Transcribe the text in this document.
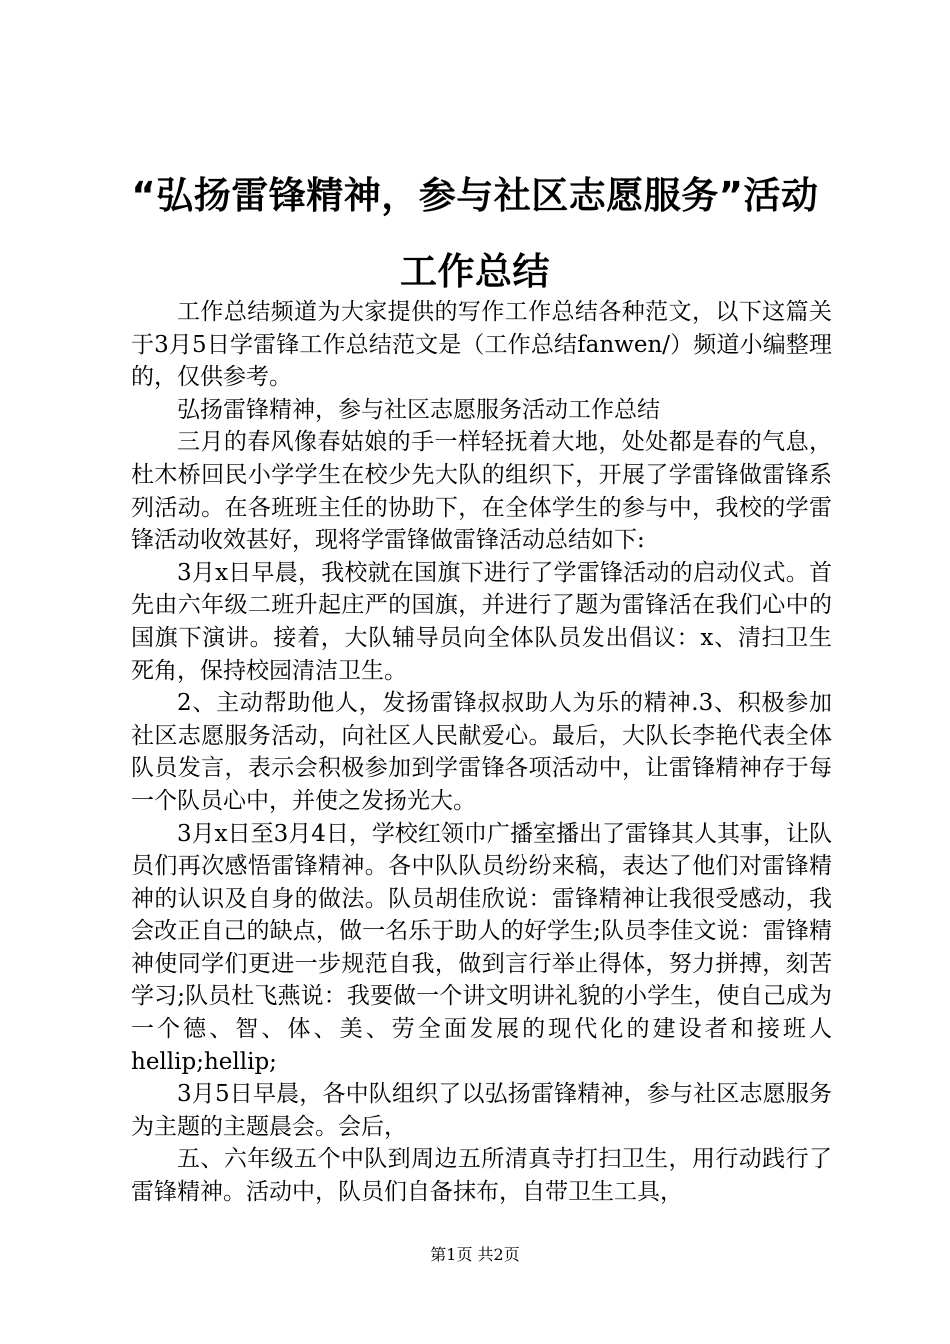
“弘扬雷锋精神，参与社区志愿服务”活动工作总结

工作总结频道为大家提供的写作工作总结各种范文，以下这篇关于3月5日学雷锋工作总结范文是（工作总结fanwen/）频道小编整理的，仅供参考。

弘扬雷锋精神，参与社区志愿服务活动工作总结

三月的春风像春姑娘的手一样轻抚着大地，处处都是春的气息，杜木桥回民小学学生在校少先大队的组织下，开展了学雷锋做雷锋系列活动。在各班班主任的协助下，在全体学生的参与中，我校的学雷锋活动收效甚好，现将学雷锋做雷锋活动总结如下:

3月x日早晨，我校就在国旗下进行了学雷锋活动的启动仪式。首先由六年级二班升起庄严的国旗，并进行了题为雷锋活在我们心中的国旗下演讲。接着，大队辅导员向全体队员发出倡议：x、清扫卫生死角，保持校园清洁卫生。

2、主动帮助他人，发扬雷锋叔叔助人为乐的精神.3、积极参加社区志愿服务活动，向社区人民献爱心。最后，大队长李艳代表全体队员发言，表示会积极参加到学雷锋各项活动中，让雷锋精神存于每一个队员心中，并使之发扬光大。

3月x日至3月4日，学校红领巾广播室播出了雷锋其人其事，让队员们再次感悟雷锋精神。各中队队员纷纷来稿，表达了他们对雷锋精神的认识及自身的做法。队员胡佳欣说：雷锋精神让我很受感动，我会改正自己的缺点，做一名乐于助人的好学生;队员李佳文说：雷锋精神使同学们更进一步规范自我，做到言行举止得体，努力拼搏，刻苦学习;队员杜飞燕说：我要做一个讲文明讲礼貌的小学生，使自己成为一个德、智、体、美、劳全面发展的现代化的建设者和接班人hellip;hellip;

3月5日早晨，各中队组织了以弘扬雷锋精神，参与社区志愿服务为主题的主题晨会。会后，

五、六年级五个中队到周边五所清真寺打扫卫生，用行动践行了雷锋精神。活动中，队员们自备抹布，自带卫生工具，

第1页 共2页
